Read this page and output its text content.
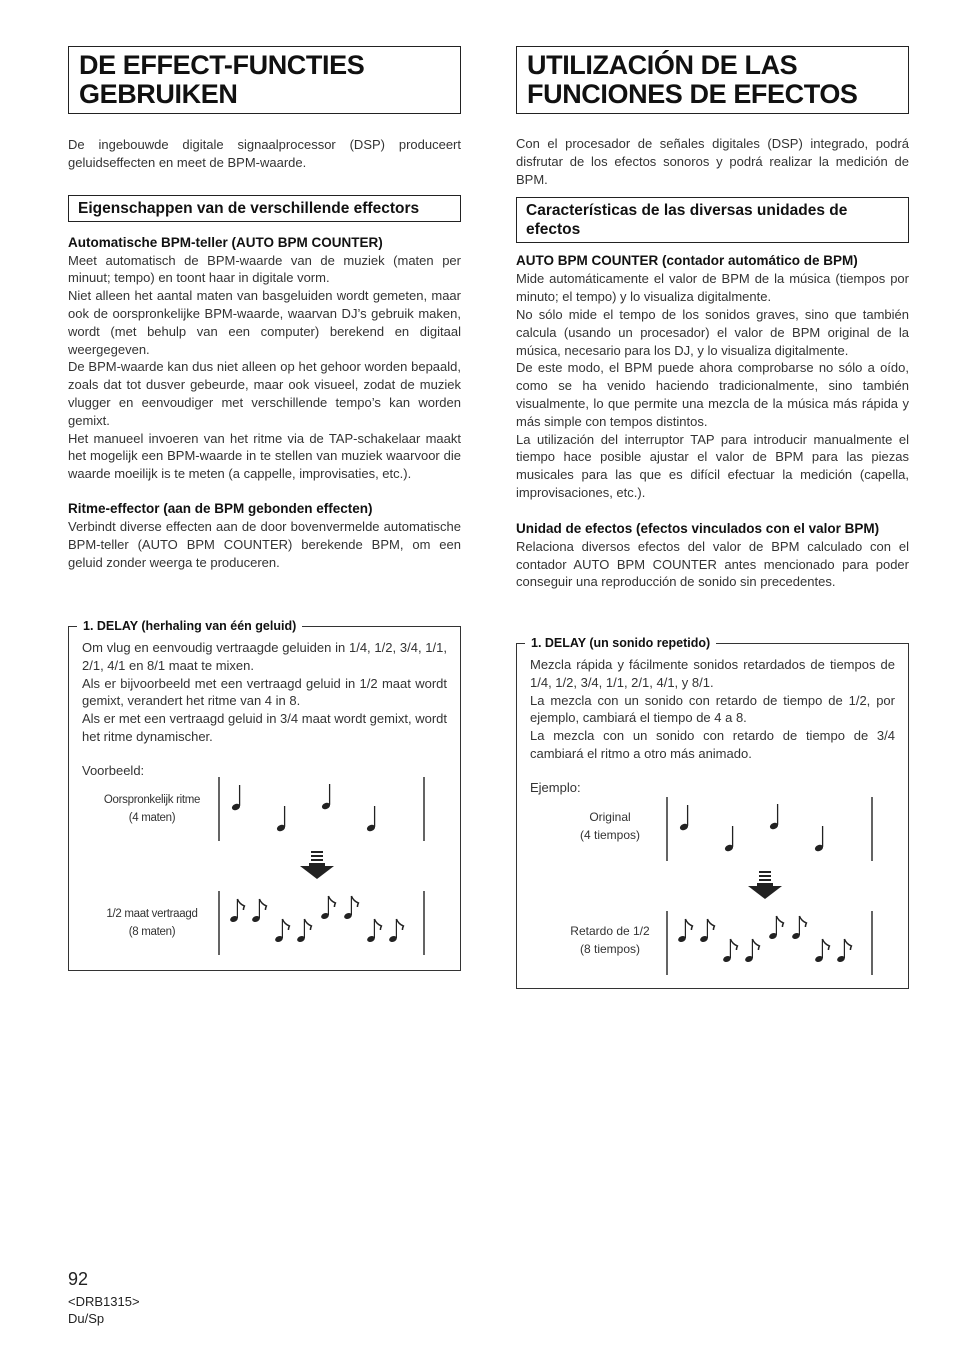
DE EFFECT-FUNCTIES GEBRUIKEN

De ingebouwde digitale signaalprocessor (DSP) produceert geluidseffecten en meet de BPM-waarde.

Eigenschappen van de verschillende effectors
Automatische BPM-teller (AUTO BPM COUNTER)

Meet automatisch de BPM-waarde van de muziek (maten per minuut; tempo) en toont haar in digitale vorm.

Niet alleen het aantal maten van basgeluiden wordt gemeten, maar ook de oorspronkelijke BPM-waarde, waarvan DJ’s gebruik maken, wordt (met behulp van een computer) berekend en digitaal weergegeven.

De BPM-waarde kan dus niet alleen op het gehoor worden bepaald, zoals dat tot dusver gebeurde, maar ook visueel, zodat de muziek vlugger en eenvoudiger met verschillende tempo’s kan worden gemixt.

Het manueel invoeren van het ritme via de TAP-schakelaar maakt het mogelijk een BPM-waarde in te stellen van muziek waarvoor die waarde moeilijk is te meten (a cappelle, improvisaties, etc.).

Ritme-effector (aan de BPM gebonden effecten)

Verbindt diverse effecten aan de door bovenvermelde automatische BPM-teller (AUTO BPM COUNTER) berekende BPM, om een geluid zonder weerga te produceren.

1. DELAY (herhaling van één geluid)

Om vlug en eenvoudig vertraagde geluiden in 1/4, 1/2, 3/4, 1/1, 2/1, 4/1 en 8/1 maat te mixen.

Als er bijvoorbeeld met een vertraagd geluid in 1/2 maat wordt gemixt, verandert het ritme van 4 in 8.

Als er met een vertraagd geluid in 3/4 maat wordt gemixt, wordt het ritme dynamischer.

Voorbeeld:
Oorspronkelijk ritme
(4 maten)
1/2 maat vertraagd
(8 maten)
UTILIZACIÓN DE LAS FUNCIONES DE EFECTOS

Con el procesador de señales digitales (DSP) integrado, podrá disfrutar de los efectos sonoros y podrá realizar la medición de BPM.

Características de las diversas unidades de efectos
AUTO BPM COUNTER (contador automático de BPM)

Mide automáticamente el valor de BPM de la música (tiempos por minuto; el tempo) y lo visualiza digitalmente.

No sólo mide el tempo de los sonidos graves, sino que también calcula (usando un procesador) el valor de BPM original de la música, necesario para los DJ, y lo visualiza digitalmente.

De este modo, el BPM puede ahora comprobarse no sólo a oído, como se ha venido haciendo tradicionalmente, sino también visualmente, lo que permite una mezcla de la música más rápida y más simple con tempos distintos.

La utilización del interruptor TAP para introducir manualmente el tiempo hace posible ajustar el valor de BPM para las piezas musicales para las que es difícil efectuar la medición (capella, improvisaciones, etc.).

Unidad de efectos (efectos vinculados con el valor BPM)

Relaciona diversos efectos del valor de BPM calculado con el contador AUTO BPM COUNTER antes mencionado para poder conseguir una reproducción de sonido sin precedentes.

1. DELAY (un sonido repetido)

Mezcla rápida y fácilmente sonidos retardados de tiempos de 1/4, 1/2, 3/4, 1/1, 2/1, 4/1, y 8/1.

La mezcla con un sonido con retardo de tiempo de 1/2, por ejemplo, cambiará el tiempo de 4 a 8.

La mezcla con un sonido con retardo de tiempo de 3/4 cambiará el ritmo a otro más animado.

Ejemplo:
Original
(4 tiempos)
Retardo de 1/2
(8 tiempos)
92
<DRB1315>
Du/Sp
